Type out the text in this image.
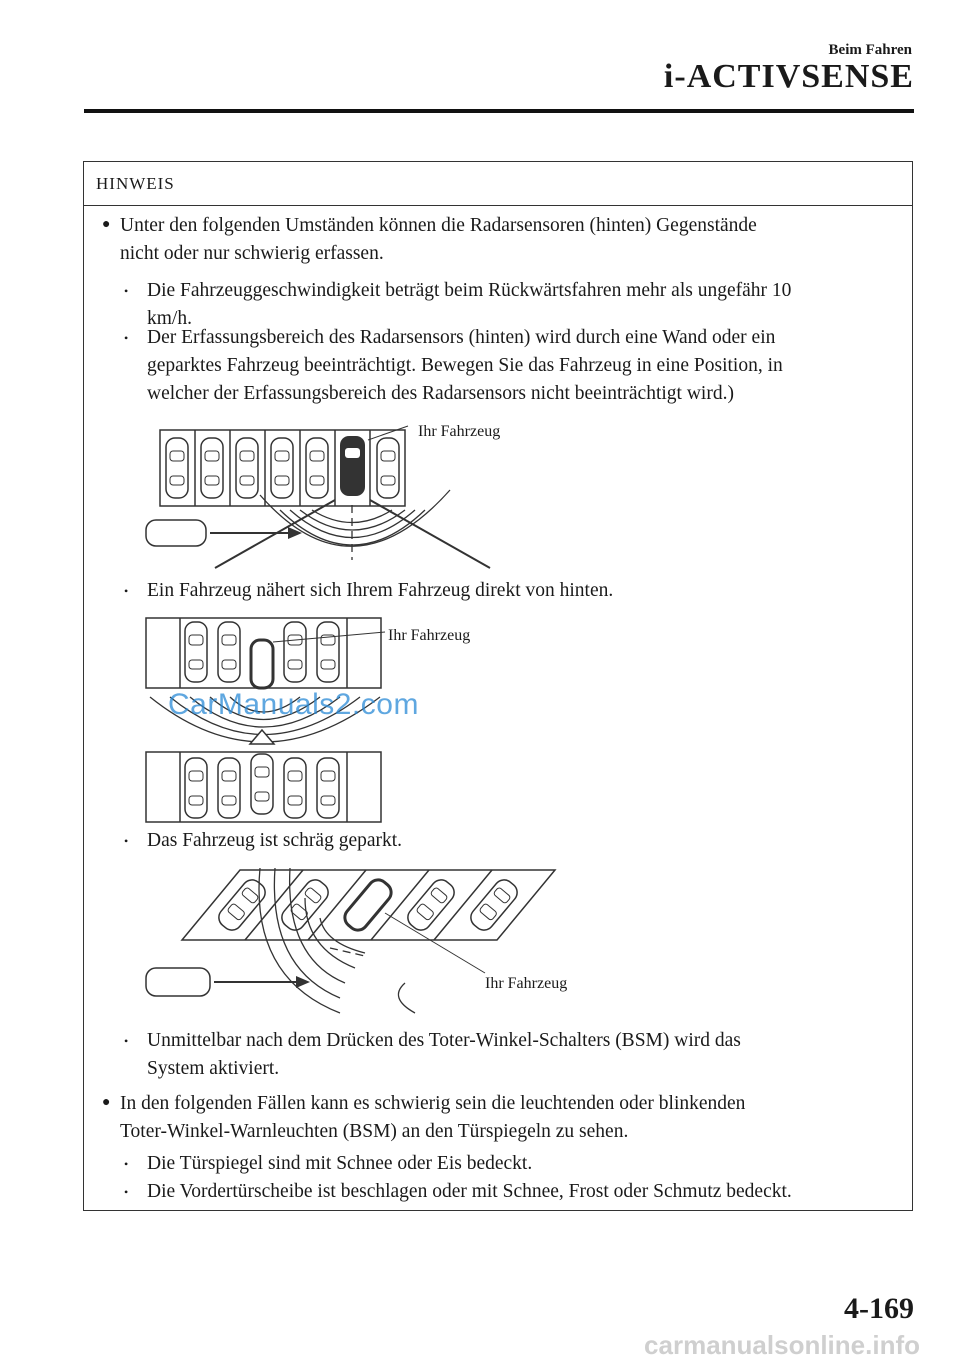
Beim Fahren
i-ACTIVSENSE
HINWEIS
● Unter den folgenden Umständen können die Radarsensoren (hinten) Gegenstände
nicht oder nur schwierig erfassen.
• Die Fahrzeuggeschwindigkeit beträgt beim Rückwärtsfahren mehr als ungefähr 10
km/h.
• Der Erfassungsbereich des Radarsensors (hinten) wird durch eine Wand oder ein
geparktes Fahrzeug beeinträchtigt. Bewegen Sie das Fahrzeug in eine Position, in
welcher der Erfassungsbereich des Radarsensors nicht beeinträchtigt wird.)
Ihr Fahrzeug
• Ein Fahrzeug nähert sich Ihrem Fahrzeug direkt von hinten.
Ihr Fahrzeug
CarManuals2.com
• Das Fahrzeug ist schräg geparkt.
Ihr Fahrzeug
• Unmittelbar nach dem Drücken des Toter-Winkel-Schalters (BSM) wird das
System aktiviert.
● In den folgenden Fällen kann es schwierig sein die leuchtenden oder blinkenden
Toter-Winkel-Warnleuchten (BSM) an den Türspiegeln zu sehen.
• Die Türspiegel sind mit Schnee oder Eis bedeckt.
• Die Vordertürscheibe ist beschlagen oder mit Schnee, Frost oder Schmutz bedeckt.
4-169
carmanualsonline.info
